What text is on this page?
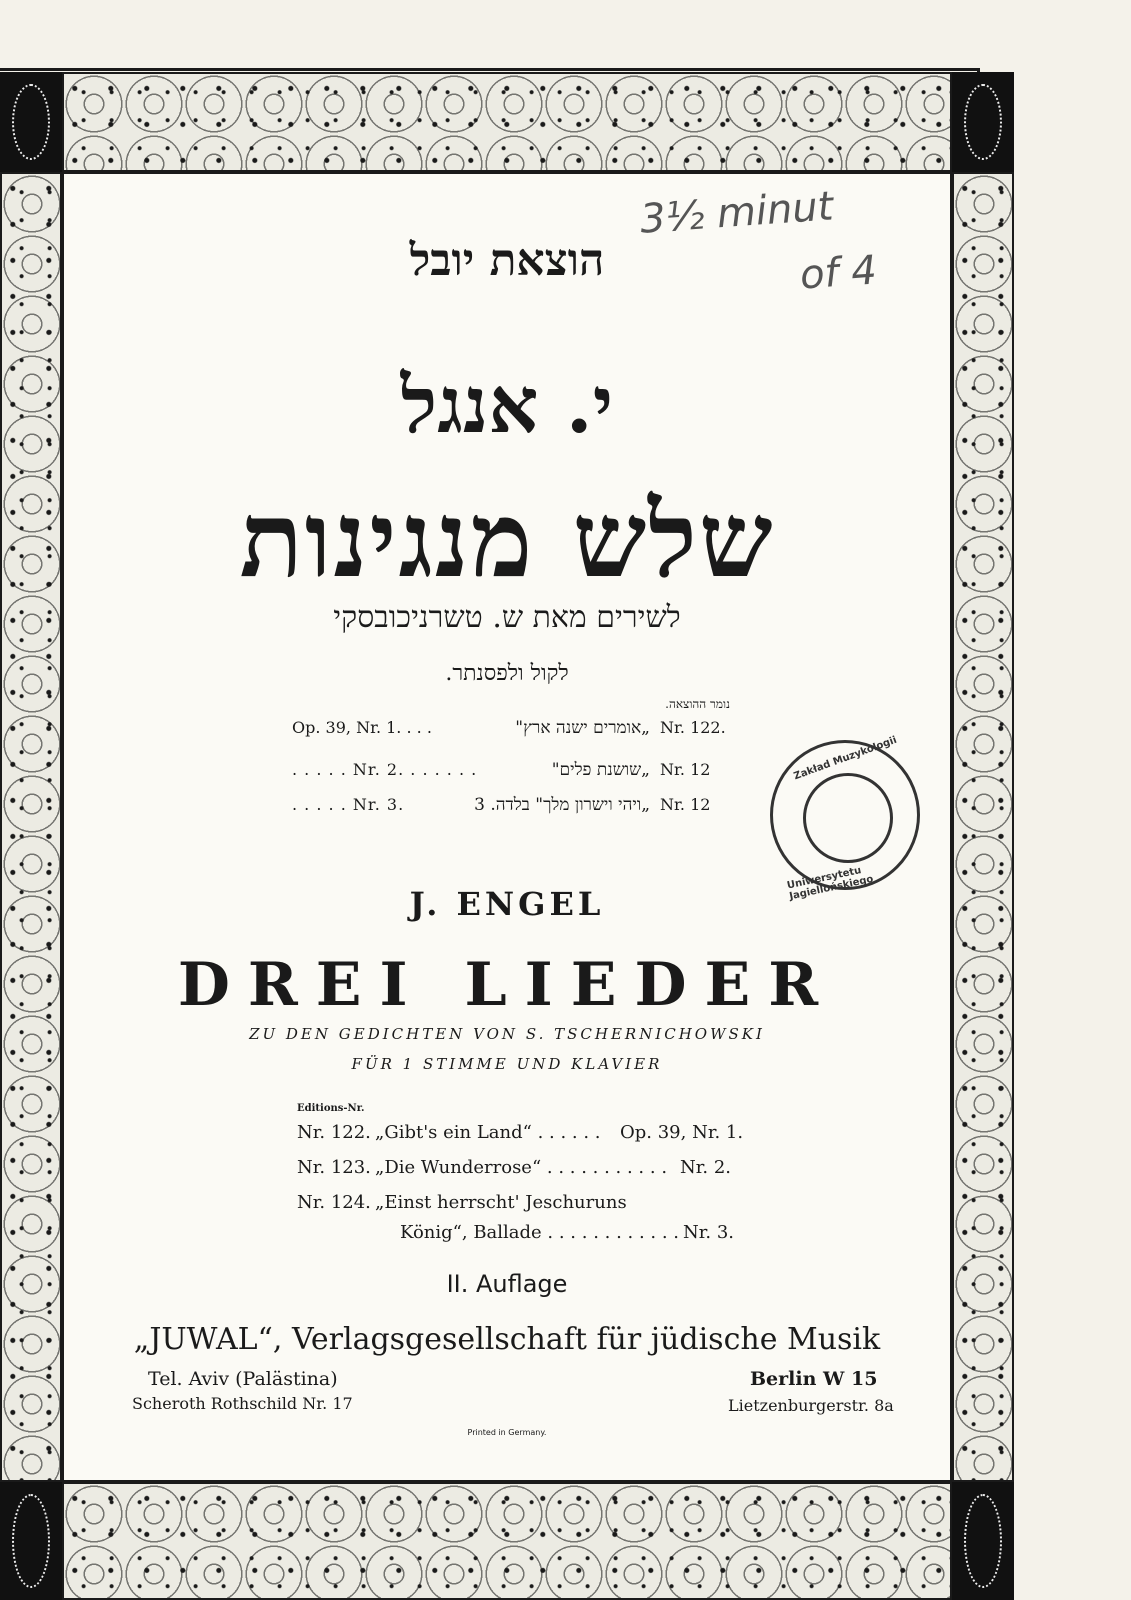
3½ minut
of 4
הוצאת יובל
י. אנגל
שלש מנגינות
לשירים מאת ש. טשרניכובסקי
לקול ולפסנתר.
נומר ההוצאה.
Op. 39, Nr. 1. . . .	„אומרים ישנה ארץ" Nr. 122.
. . . . . Nr. 2. . . . . . .	„שושנת פלים" Nr. 12
. . . . . Nr. 3.	„ויהי וישרון מלך" בלדה. 3 Nr. 12
Zakład Muzykologii
Uniwersytetu Jagiellońskiego
J. ENGEL
DREI LIEDER
ZU DEN GEDICHTEN VON S. TSCHERNICHOWSKI
FÜR 1 STIMME UND KLAVIER
Editions-Nr.
Nr. 122. „Gibt's ein Land“ . . . . . . Op. 39, Nr. 1.
Nr. 123. „Die Wunderrose“ . . . . . . . . . . . Nr. 2.
Nr. 124. „Einst herrscht' Jeschuruns
König“, Ballade . . . . . . . . . . . . Nr. 3.
II. Auflage
„JUWAL“, Verlagsgesellschaft für jüdische Musik
Tel. Aviv (Palästina)
Scheroth Rothschild Nr. 17
Berlin W 15
Lietzenburgerstr. 8a
Printed in Germany.
